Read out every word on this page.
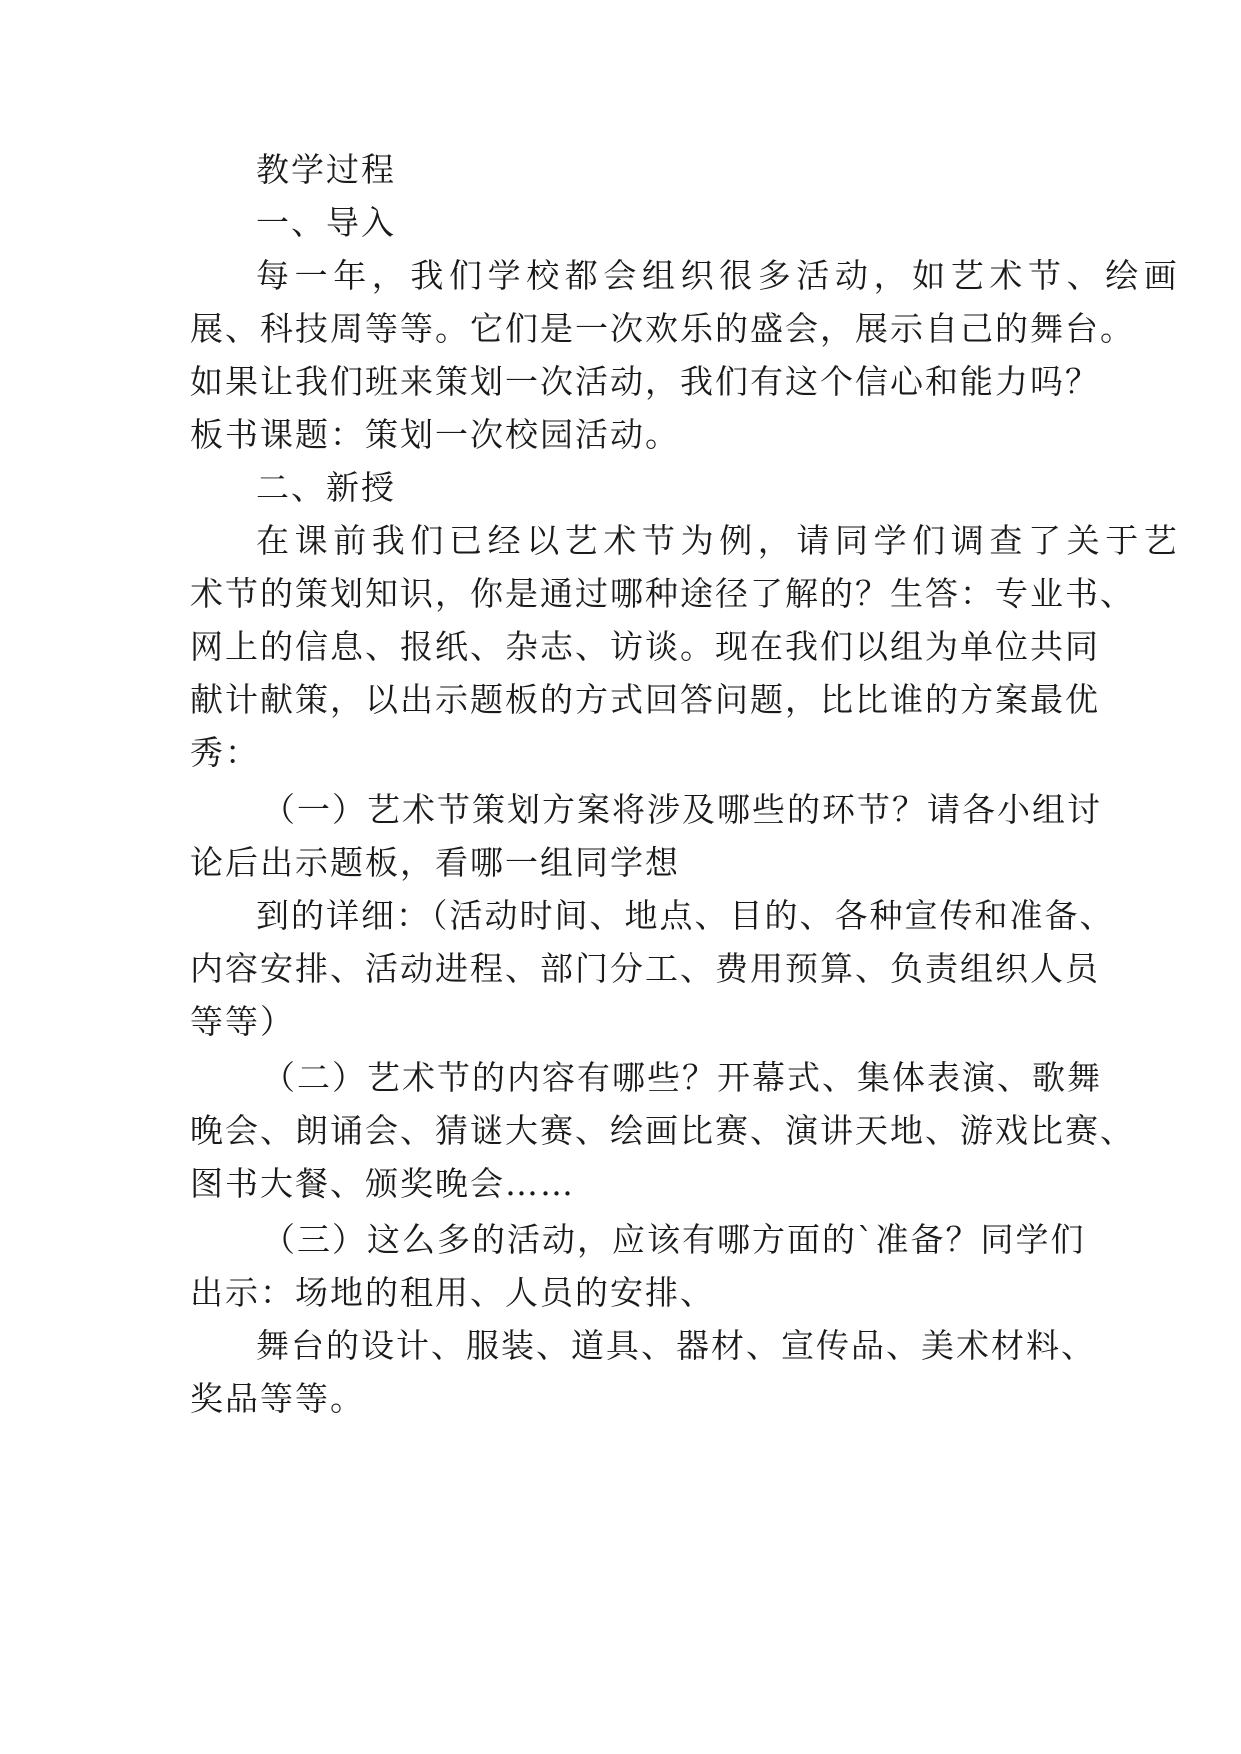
教学过程
一、导入
每一年，我们学校都会组织很多活动，如艺术节、绘画
展、科技周等等。它们是一次欢乐的盛会，展示自己的舞台。
如果让我们班来策划一次活动，我们有这个信心和能力吗？
板书课题：策划一次校园活动。
二、新授
在课前我们已经以艺术节为例，请同学们调查了关于艺
术节的策划知识，你是通过哪种途径了解的？生答：专业书、
网上的信息、报纸、杂志、访谈。现在我们以组为单位共同
献计献策，以出示题板的方式回答问题，比比谁的方案最优
秀：
（一）艺术节策划方案将涉及哪些的环节？请各小组讨
论后出示题板，看哪一组同学想
到的详细：（活动时间、地点、目的、各种宣传和准备、
内容安排、活动进程、部门分工、费用预算、负责组织人员
等等）
（二）艺术节的内容有哪些？开幕式、集体表演、歌舞
晚会、朗诵会、猜谜大赛、绘画比赛、演讲天地、游戏比赛、
图书大餐、颁奖晚会……
（三）这么多的活动，应该有哪方面的`准备？同学们
出示：场地的租用、人员的安排、
舞台的设计、服装、道具、器材、宣传品、美术材料、
奖品等等。
